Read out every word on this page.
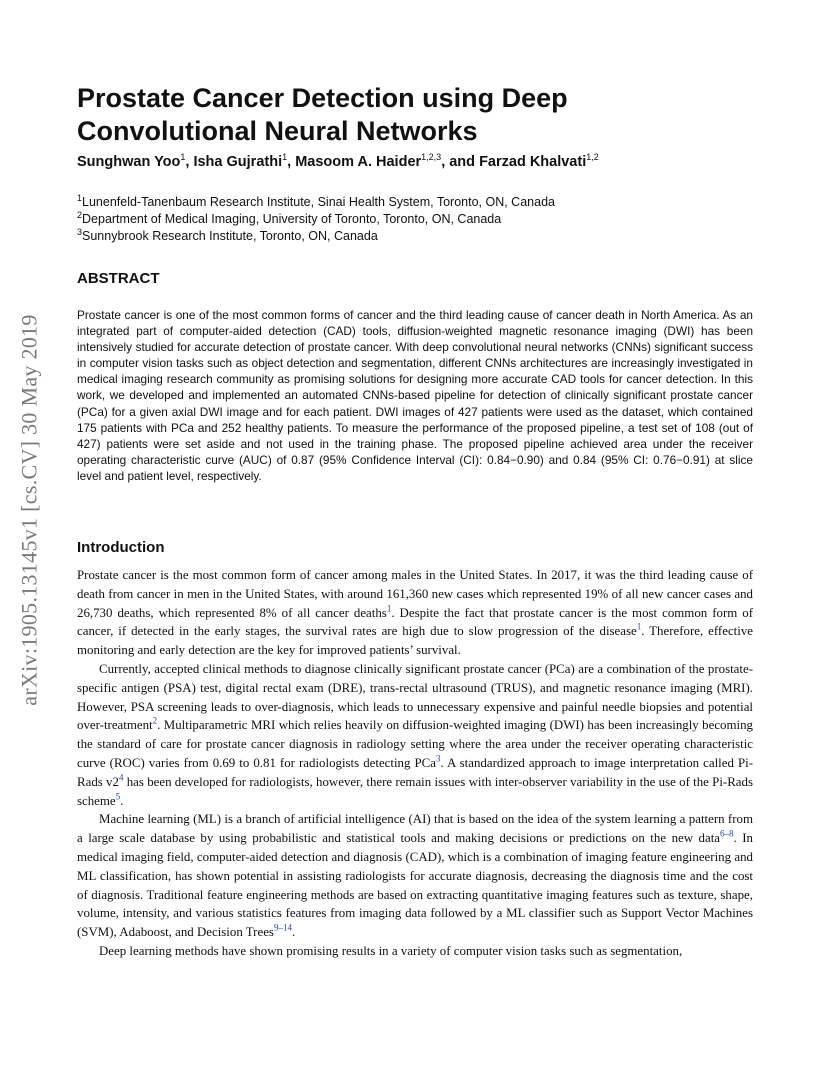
arXiv:1905.13145v1 [cs.CV] 30 May 2019
Prostate Cancer Detection using Deep Convolutional Neural Networks
Sunghwan Yoo$^1$, Isha Gujrathi$^1$, Masoom A. Haider$^{1,2,3}$, and Farzad Khalvati$^{1,2}$
$^1$Lunenfeld-Tanenbaum Research Institute, Sinai Health System, Toronto, ON, Canada
$^2$Department of Medical Imaging, University of Toronto, Toronto, ON, Canada
$^3$Sunnybrook Research Institute, Toronto, ON, Canada
ABSTRACT

Prostate cancer is one of the most common forms of cancer and the third leading cause of cancer death in North America. As an integrated part of computer-aided detection (CAD) tools, diffusion-weighted magnetic resonance imaging (DWI) has been intensively studied for accurate detection of prostate cancer. With deep convolutional neural networks (CNNs) significant success in computer vision tasks such as object detection and segmentation, different CNNs architectures are increasingly investigated in medical imaging research community as promising solutions for designing more accurate CAD tools for cancer detection. In this work, we developed and implemented an automated CNNs-based pipeline for detection of clinically significant prostate cancer (PCa) for a given axial DWI image and for each patient. DWI images of 427 patients were used as the dataset, which contained 175 patients with PCa and 252 healthy patients. To measure the performance of the proposed pipeline, a test set of 108 (out of 427) patients were set aside and not used in the training phase. The proposed pipeline achieved area under the receiver operating characteristic curve (AUC) of 0.87 (95% Confidence Interval (CI): 0.84−0.90) and 0.84 (95% CI: 0.76−0.91) at slice level and patient level, respectively.

Introduction

Prostate cancer is the most common form of cancer among males in the United States. In 2017, it was the third leading cause of death from cancer in men in the United States, with around 161,360 new cases which represented 19% of all new cancer cases and 26,730 deaths, which represented 8% of all cancer deaths$^1$. Despite the fact that prostate cancer is the most common form of cancer, if detected in the early stages, the survival rates are high due to slow progression of the disease$^1$. Therefore, effective monitoring and early detection are the key for improved patients’ survival.

Currently, accepted clinical methods to diagnose clinically significant prostate cancer (PCa) are a combination of the prostate-specific antigen (PSA) test, digital rectal exam (DRE), trans-rectal ultrasound (TRUS), and magnetic resonance imaging (MRI). However, PSA screening leads to over-diagnosis, which leads to unnecessary expensive and painful needle biopsies and potential over-treatment$^2$. Multiparametric MRI which relies heavily on diffusion-weighted imaging (DWI) has been increasingly becoming the standard of care for prostate cancer diagnosis in radiology setting where the area under the receiver operating characteristic curve (ROC) varies from 0.69 to 0.81 for radiologists detecting PCa$^3$. A standardized approach to image interpretation called Pi-Rads v2$^4$ has been developed for radiologists, however, there remain issues with inter-observer variability in the use of the Pi-Rads scheme$^5$.

Machine learning (ML) is a branch of artificial intelligence (AI) that is based on the idea of the system learning a pattern from a large scale database by using probabilistic and statistical tools and making decisions or predictions on the new data$^{6-8}$. In medical imaging field, computer-aided detection and diagnosis (CAD), which is a combination of imaging feature engineering and ML classification, has shown potential in assisting radiologists for accurate diagnosis, decreasing the diagnosis time and the cost of diagnosis. Traditional feature engineering methods are based on extracting quantitative imaging features such as texture, shape, volume, intensity, and various statistics features from imaging data followed by a ML classifier such as Support Vector Machines (SVM), Adaboost, and Decision Trees$^{9-14}$.

Deep learning methods have shown promising results in a variety of computer vision tasks such as segmentation,
